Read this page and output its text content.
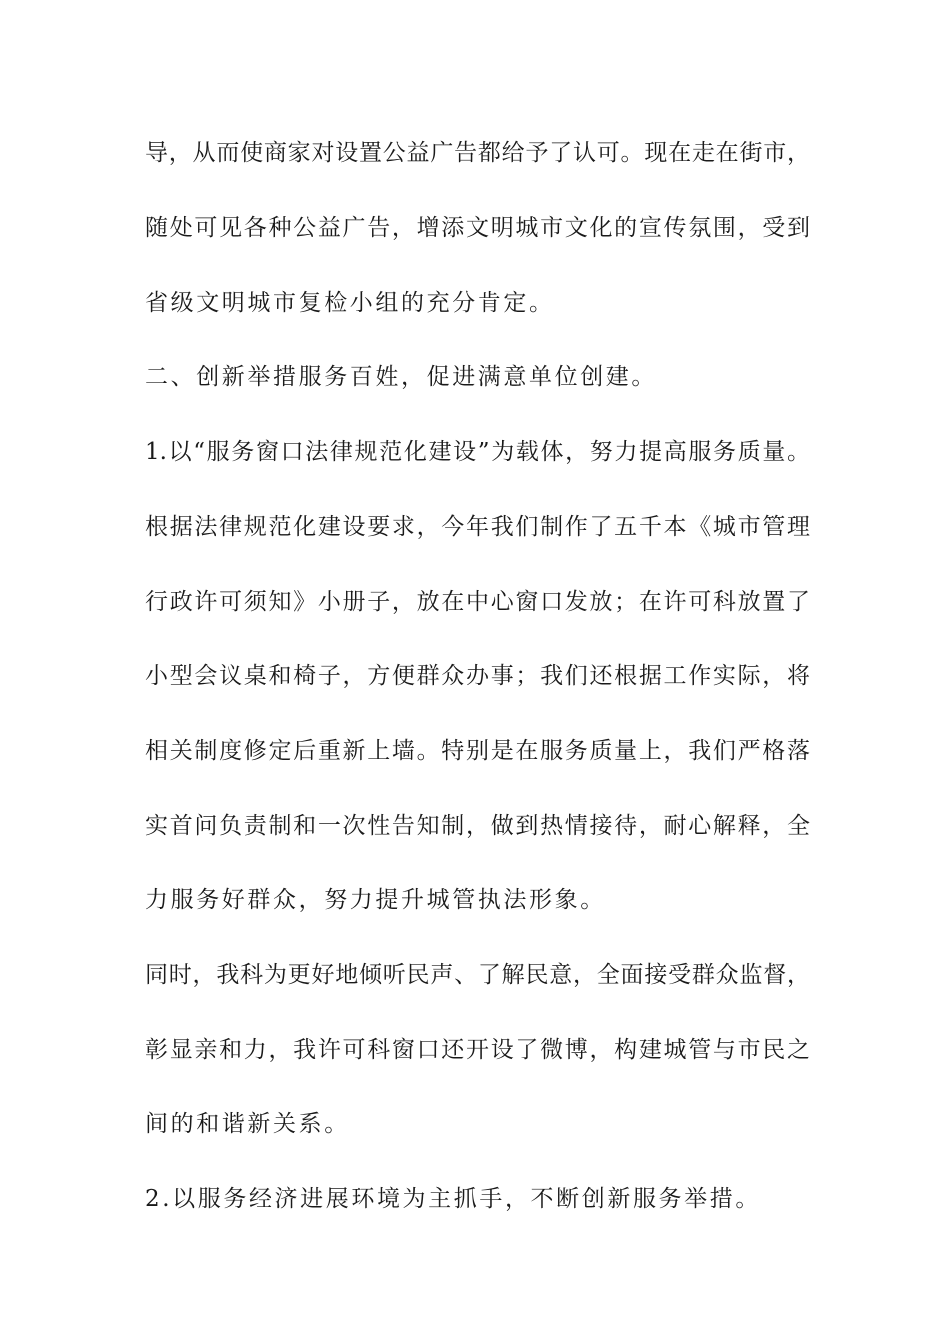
导，从而使商家对设置公益广告都给予了认可。现在走在街市，
随处可见各种公益广告，增添文明城市文化的宣传氛围，受到
省级文明城市复检小组的充分肯定。
二、创新举措服务百姓，促进满意单位创建。
1.以“服务窗口法律规范化建设”为载体，努力提高服务质量。
根据法律规范化建设要求，今年我们制作了五千本《城市管理
行政许可须知》小册子，放在中心窗口发放；在许可科放置了
小型会议桌和椅子，方便群众办事；我们还根据工作实际，将
相关制度修定后重新上墙。特别是在服务质量上，我们严格落
实首问负责制和一次性告知制，做到热情接待，耐心解释，全
力服务好群众，努力提升城管执法形象。
同时，我科为更好地倾听民声、了解民意，全面接受群众监督，
彰显亲和力，我许可科窗口还开设了微博，构建城管与市民之
间的和谐新关系。
2.以服务经济进展环境为主抓手，不断创新服务举措。
